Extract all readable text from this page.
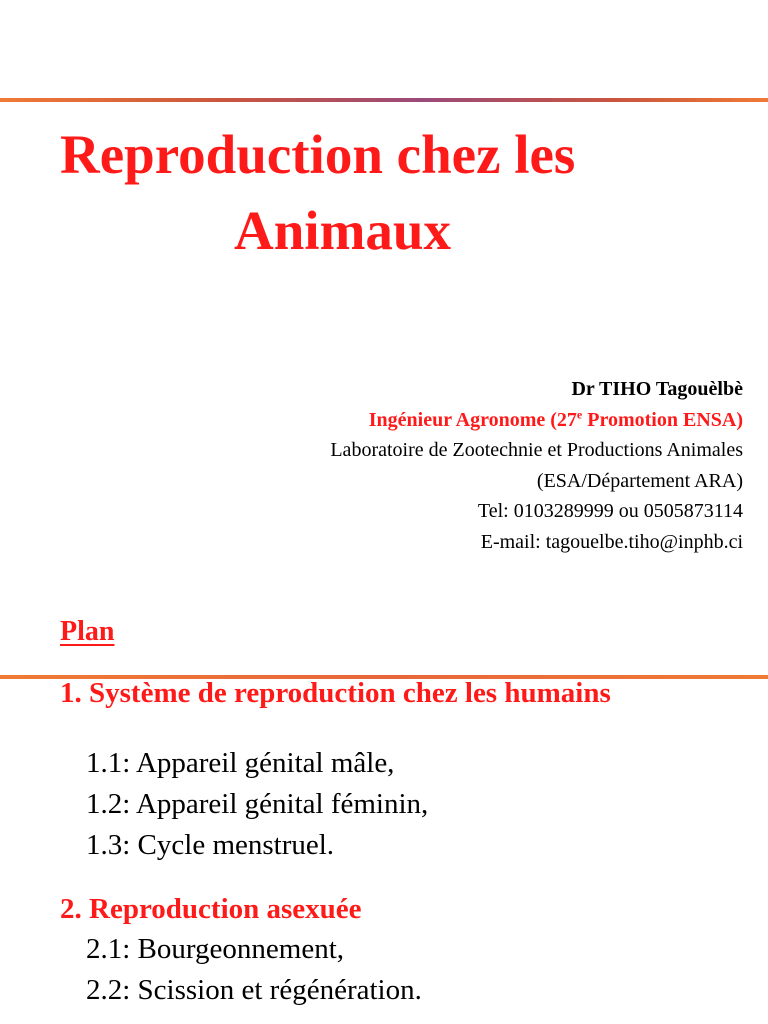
Reproduction chez les
Animaux
Dr TIHO Tagouèlbè
Ingénieur Agronome (27e Promotion ENSA)
Laboratoire de Zootechnie et Productions Animales
(ESA/Département ARA)
Tel: 0103289999 ou 0505873114
E-mail: tagouelbe.tiho@inphb.ci
Plan
1. Système de reproduction chez les humains
1.1: Appareil génital mâle,
1.2: Appareil génital féminin,
1.3: Cycle menstruel.
2. Reproduction asexuée
2.1: Bourgeonnement,
2.2: Scission et régénération.
